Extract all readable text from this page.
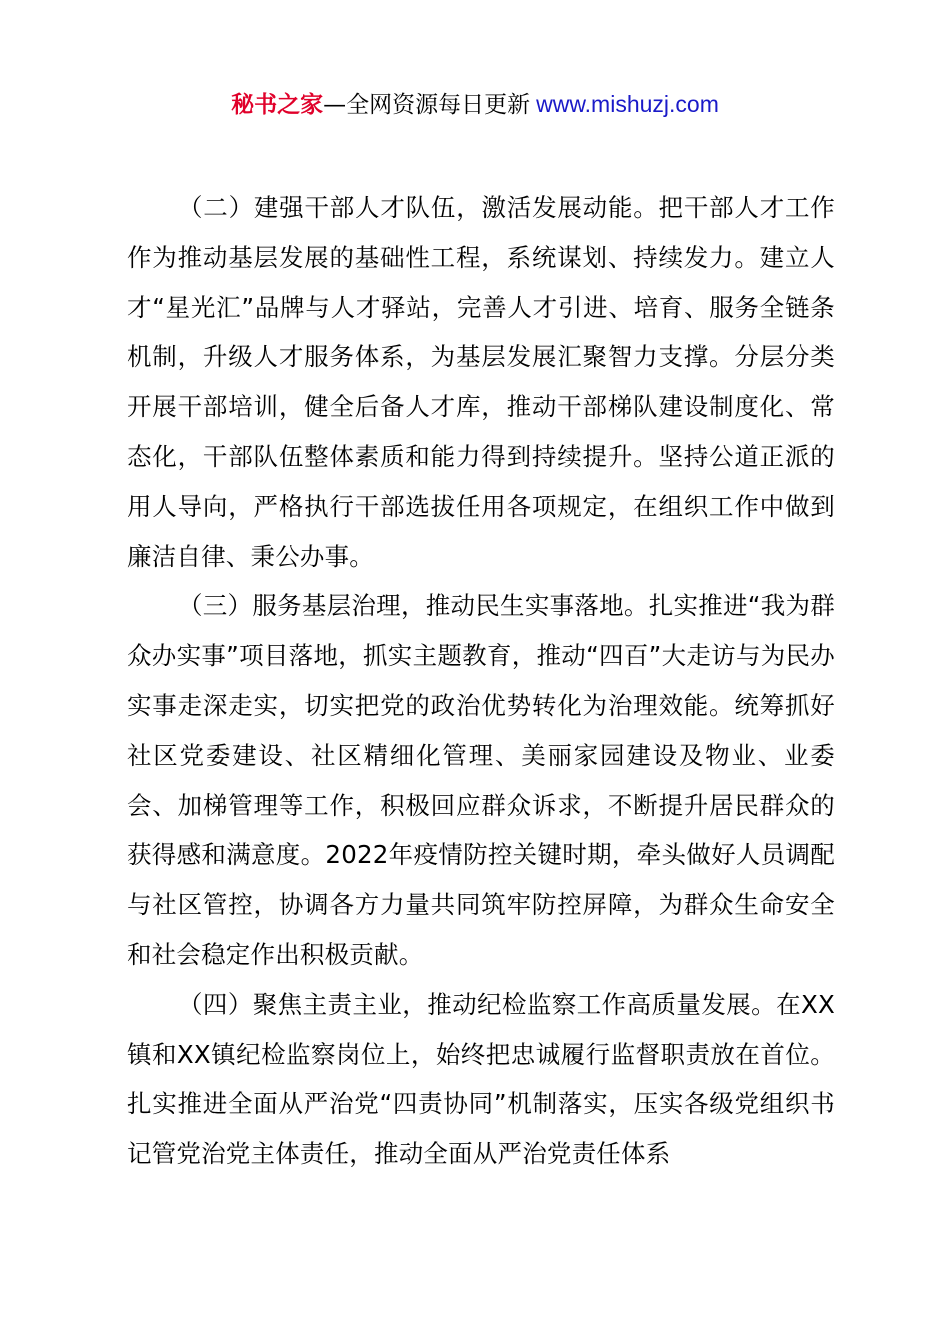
秘书之家—全网资源每日更新 www.mishuzj.com

（二）建强干部人才队伍，激活发展动能。把干部人才工作作为推动基层发展的基础性工程，系统谋划、持续发力。建立人才“星光汇”品牌与人才驿站，完善人才引进、培育、服务全链条机制，升级人才服务体系，为基层发展汇聚智力支撑。分层分类开展干部培训，健全后备人才库，推动干部梯队建设制度化、常态化，干部队伍整体素质和能力得到持续提升。坚持公道正派的用人导向，严格执行干部选拔任用各项规定，在组织工作中做到廉洁自律、秉公办事。

（三）服务基层治理，推动民生实事落地。扎实推进“我为群众办实事”项目落地，抓实主题教育，推动“四百”大走访与为民办实事走深走实，切实把党的政治优势转化为治理效能。统筹抓好社区党委建设、社区精细化管理、美丽家园建设及物业、业委会、加梯管理等工作，积极回应群众诉求，不断提升居民群众的获得感和满意度。2022年疫情防控关键时期，牵头做好人员调配与社区管控，协调各方力量共同筑牢防控屏障，为群众生命安全和社会稳定作出积极贡献。

（四）聚焦主责主业，推动纪检监察工作高质量发展。在XX镇和XX镇纪检监察岗位上，始终把忠诚履行监督职责放在首位。扎实推进全面从严治党“四责协同”机制落实，压实各级党组织书记管党治党主体责任，推动全面从严治党责任体系
